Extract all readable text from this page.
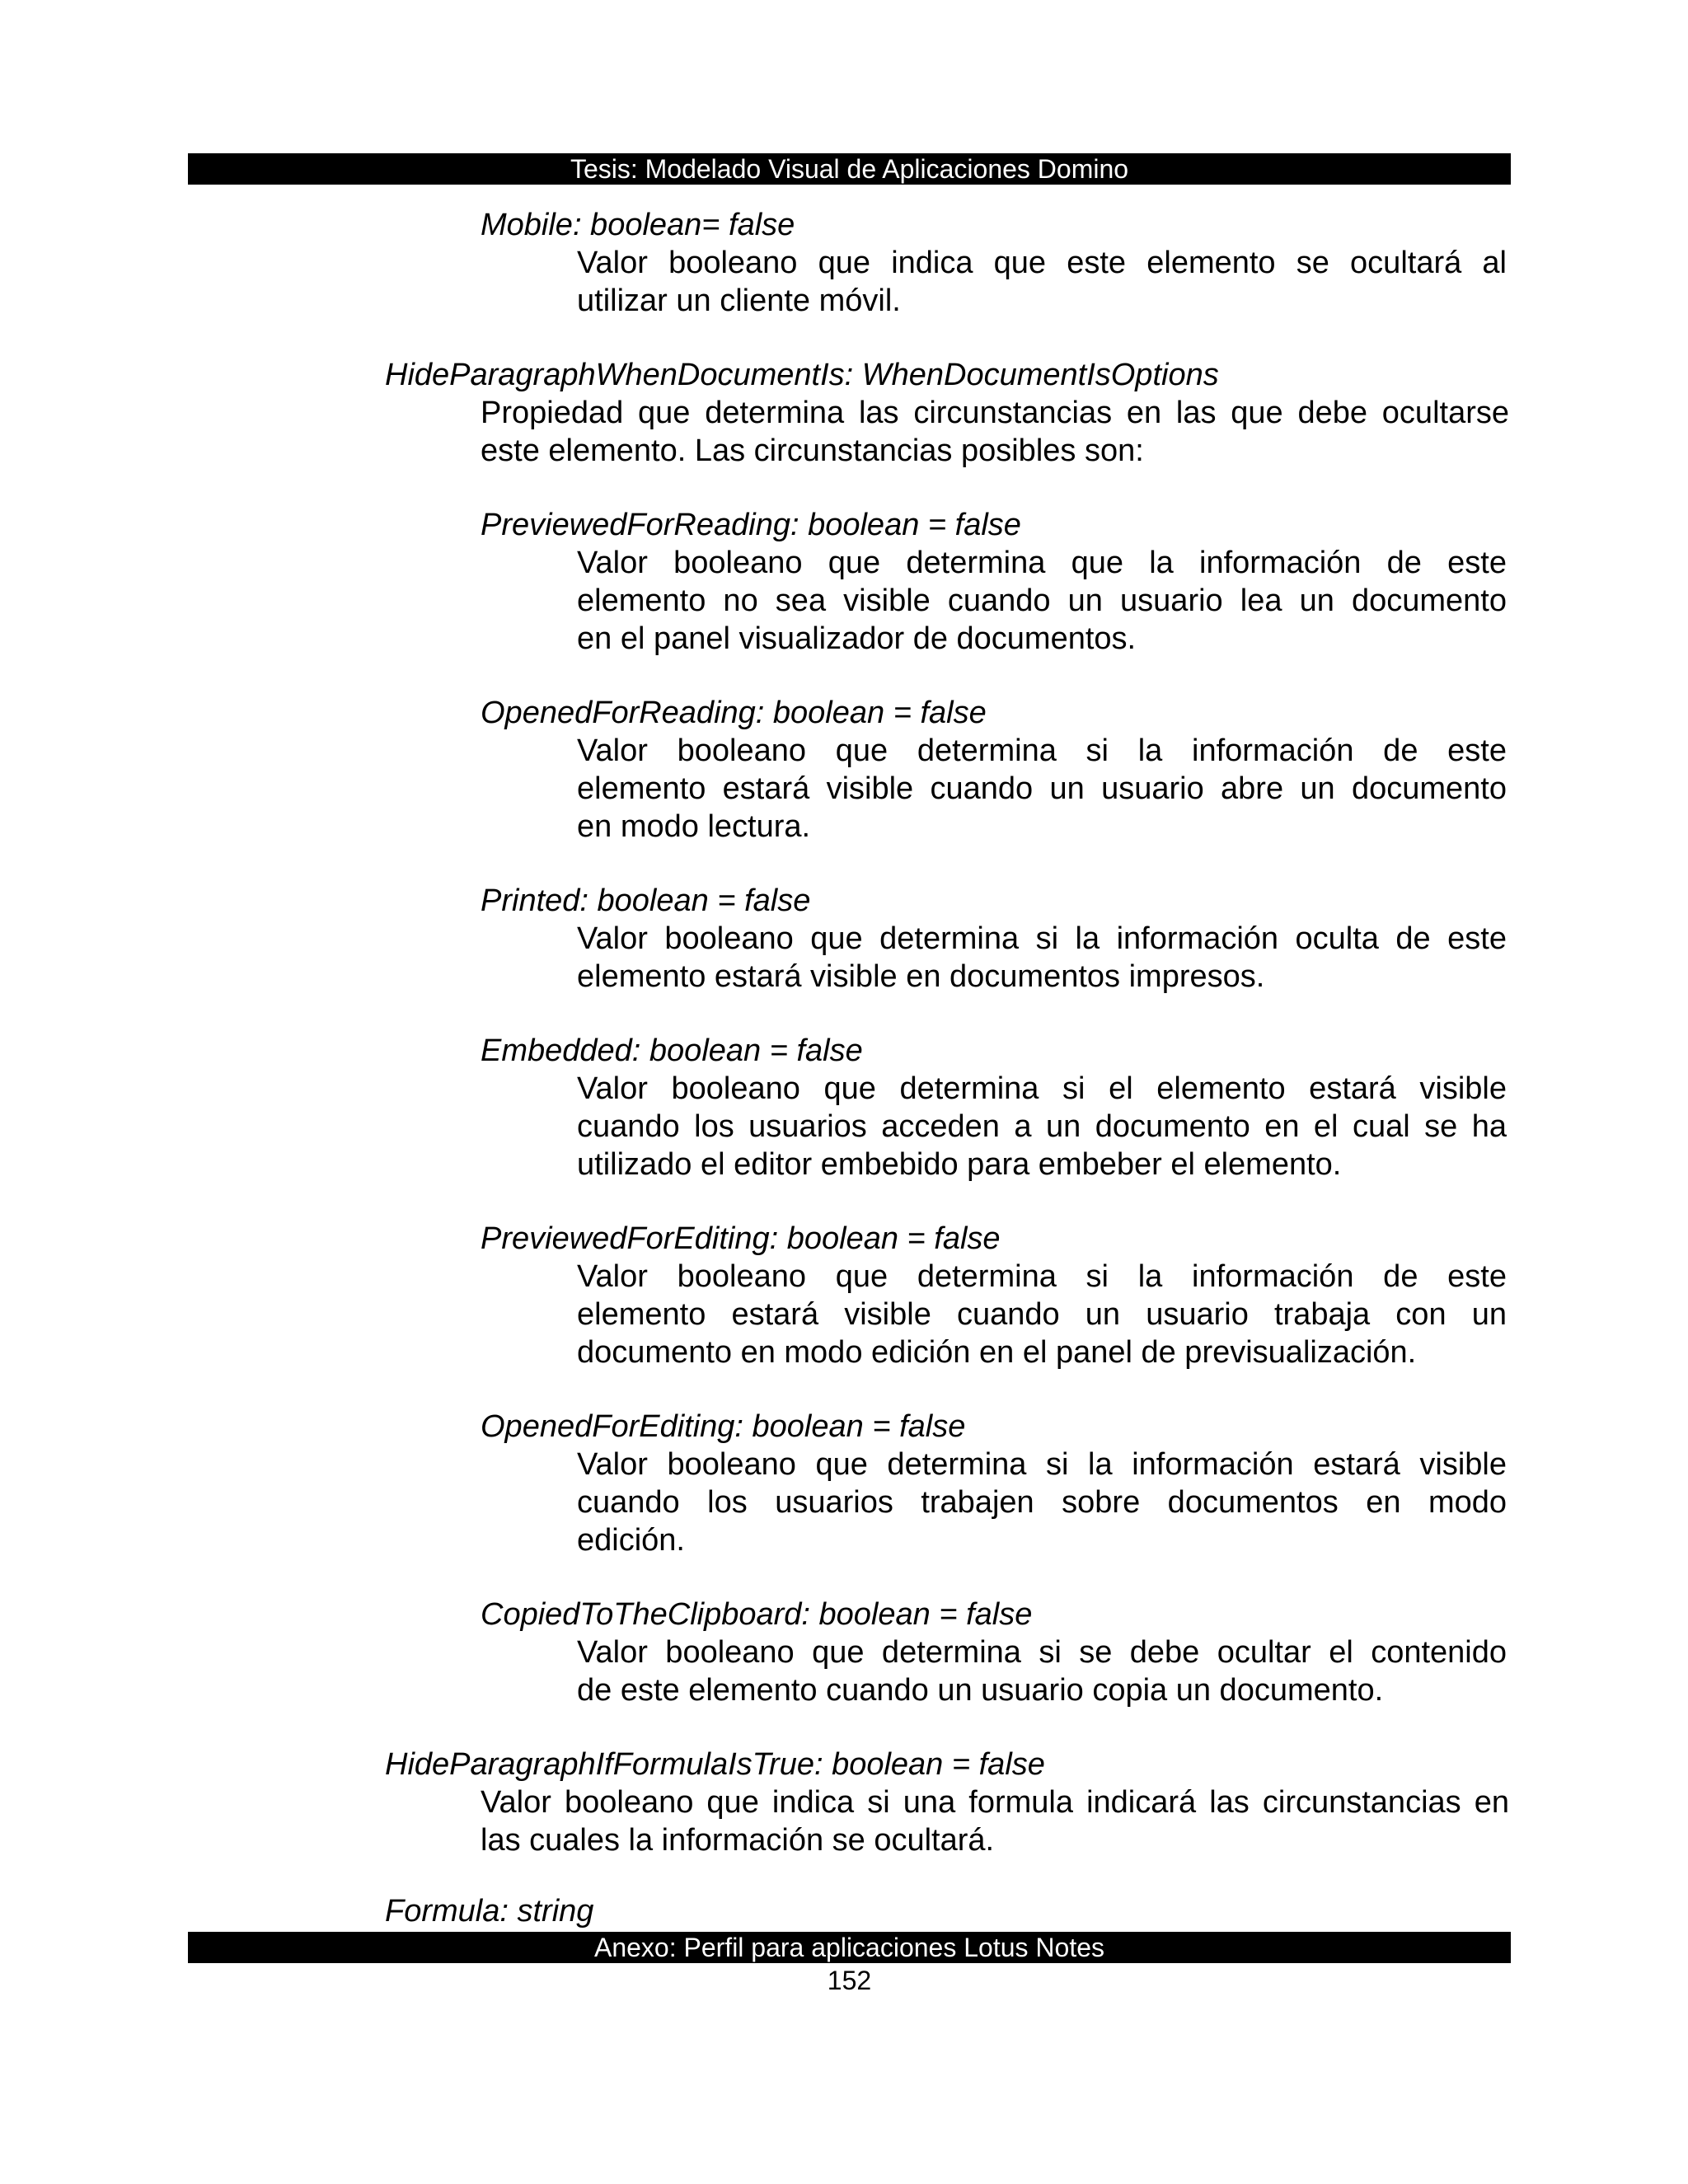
Tesis: Modelado Visual de Aplicaciones Domino
Mobile: boolean= false
Valor booleano que indica que este elemento se ocultará al
utilizar un cliente móvil.
HideParagraphWhenDocumentIs: WhenDocumentIsOptions
Propiedad que determina las circunstancias en las que debe ocultarse
este elemento. Las circunstancias posibles son:
PreviewedForReading: boolean = false
Valor booleano que determina que la información de este
elemento no sea visible cuando un usuario lea un documento
en el panel visualizador de documentos.
OpenedForReading: boolean = false
Valor booleano que determina si la información de este
elemento estará visible cuando un usuario abre un documento
en modo lectura.
Printed: boolean = false
Valor booleano que determina si la información oculta de este
elemento estará visible en documentos impresos.
Embedded: boolean = false
Valor booleano que determina si el elemento estará visible
cuando los usuarios acceden a un documento en el cual se ha
utilizado el editor embebido para embeber el elemento.
PreviewedForEditing: boolean = false
Valor booleano que determina si la información de este
elemento estará visible cuando un usuario trabaja con un
documento en modo edición en el panel de previsualización.
OpenedForEditing: boolean = false
Valor booleano que determina si la información estará visible
cuando los usuarios trabajen sobre documentos en modo
edición.
CopiedToTheClipboard: boolean = false
Valor booleano que determina si se debe ocultar el contenido
de este elemento cuando un usuario copia un documento.
HideParagraphIfFormulaIsTrue: boolean = false
Valor booleano que indica si una formula indicará las circunstancias en
las cuales la información se ocultará.
Formula: string
Anexo: Perfil para aplicaciones Lotus Notes
152
